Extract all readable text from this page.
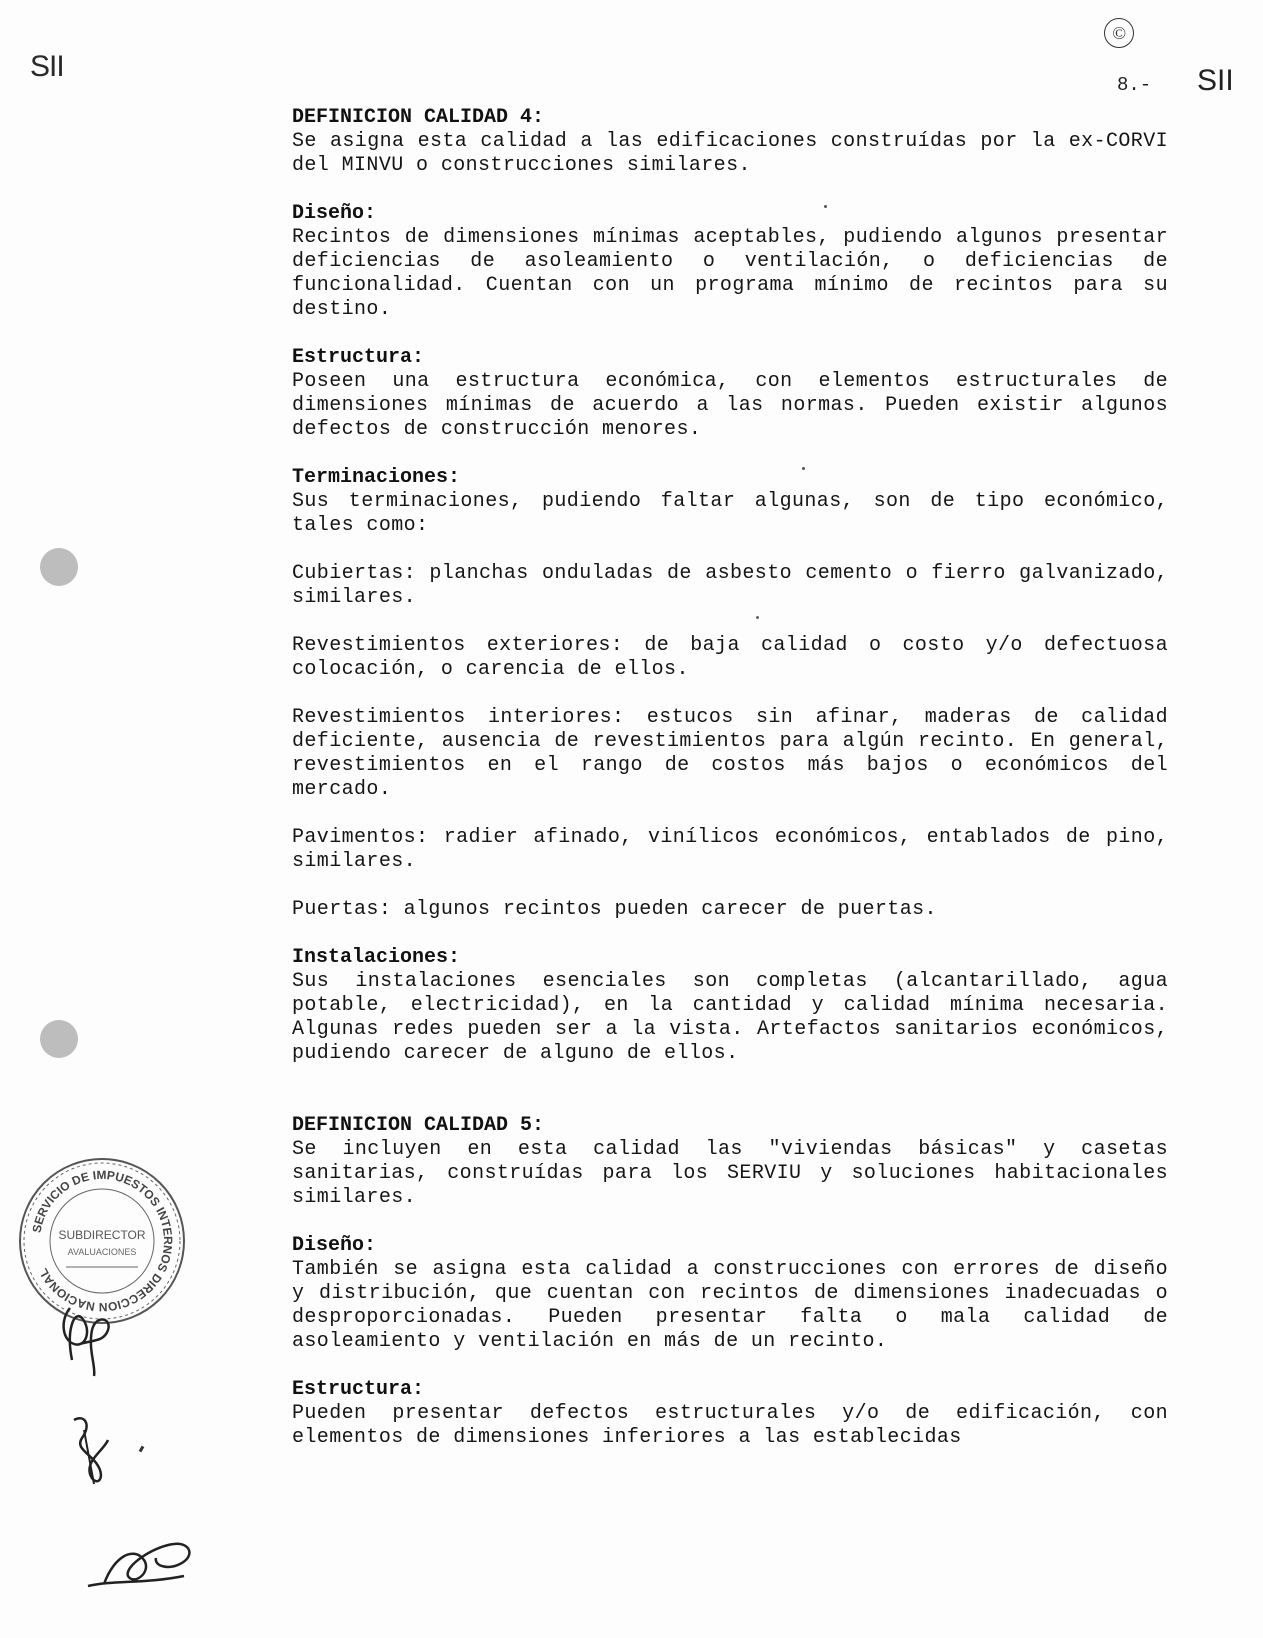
SII
©
8.- SII

DEFINICION CALIDAD 4:

Se asigna esta calidad a las edificaciones construídas por la ex-CORVI del MINVU o construcciones similares.

Diseño:

Recintos de dimensiones mínimas aceptables, pudiendo algunos presentar deficiencias de asoleamiento o ventilación, o deficiencias de funcionalidad. Cuentan con un programa mínimo de recintos para su destino.

Estructura:

Poseen una estructura económica, con elementos estructurales de dimensiones mínimas de acuerdo a las normas. Pueden existir algunos defectos de construcción menores.

Terminaciones:

Sus terminaciones, pudiendo faltar algunas, son de tipo económico, tales como:

Cubiertas: planchas onduladas de asbesto cemento o fierro galvanizado, similares.

Revestimientos exteriores: de baja calidad o costo y/o defectuosa colocación, o carencia de ellos.

Revestimientos interiores: estucos sin afinar, maderas de calidad deficiente, ausencia de revestimientos para algún recinto. En general, revestimientos en el rango de costos más bajos o económicos del mercado.

Pavimentos: radier afinado, vinílicos económicos, entablados de pino, similares.

Puertas: algunos recintos pueden carecer de puertas.

Instalaciones:

Sus instalaciones esenciales son completas (alcantarillado, agua potable, electricidad), en la cantidad y calidad mínima necesaria. Algunas redes pueden ser a la vista. Artefactos sanitarios económicos, pudiendo carecer de alguno de ellos.

DEFINICION CALIDAD 5:

Se incluyen en esta calidad las "viviendas básicas" y casetas sanitarias, construídas para los SERVIU y soluciones habitacionales similares.

Diseño:

También se asigna esta calidad a construcciones con errores de diseño y distribución, que cuentan con recintos de dimensiones inadecuadas o desproporcionadas. Pueden presentar falta o mala calidad de asoleamiento y ventilación en más de un recinto.

Estructura:

Pueden presentar defectos estructurales y/o de edificación, con elementos de dimensiones inferiores a las establecidas

SERVICIO DE IMPUESTOS INTERNOS DIRECCION NACIONAL
SUBDIRECTOR
AVALUACIONES
